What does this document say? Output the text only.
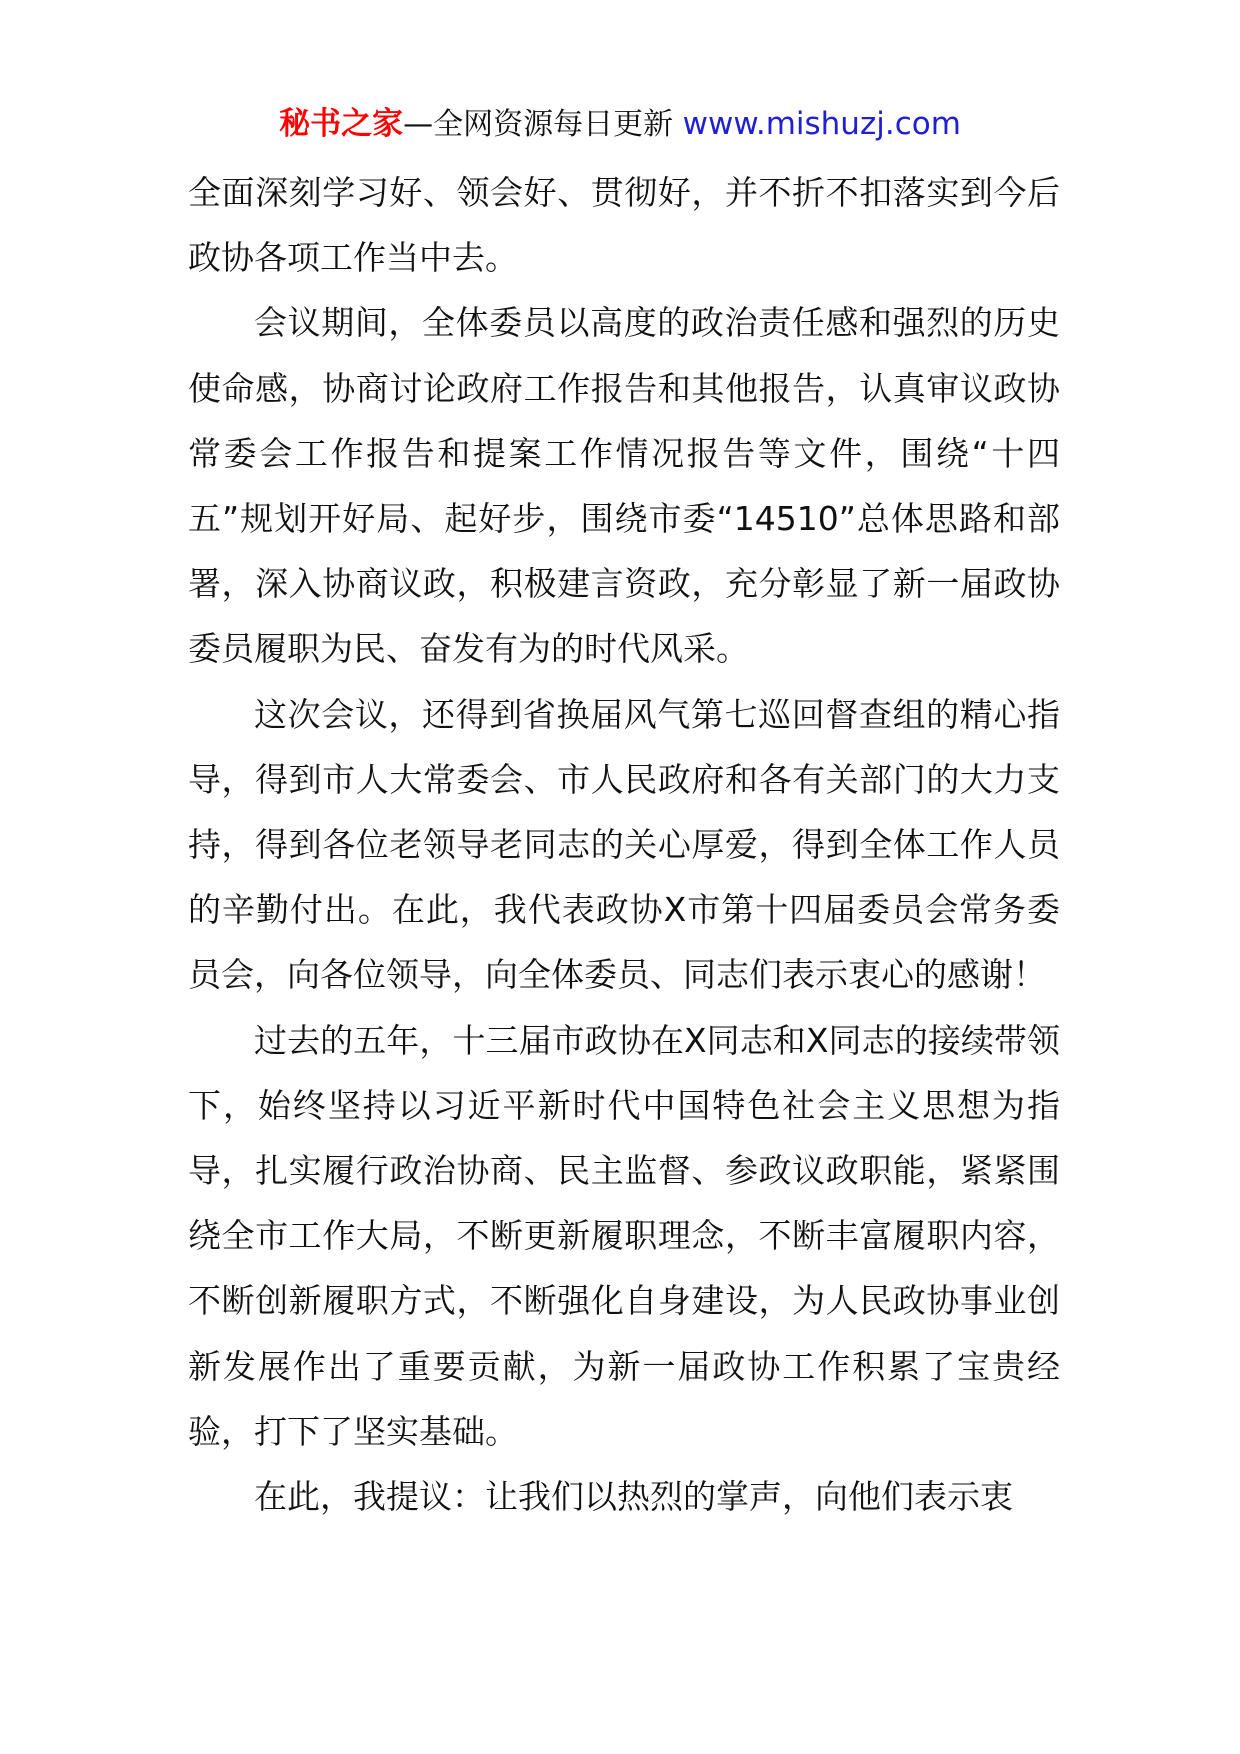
秘书之家—全网资源每日更新 www.mishuzj.com

全面深刻学习好、领会好、贯彻好，并不折不扣落实到今后政协各项工作当中去。

会议期间，全体委员以高度的政治责任感和强烈的历史使命感，协商讨论政府工作报告和其他报告，认真审议政协常委会工作报告和提案工作情况报告等文件，围绕“十四五”规划开好局、起好步，围绕市委“14510”总体思路和部署，深入协商议政，积极建言资政，充分彰显了新一届政协委员履职为民、奋发有为的时代风采。

这次会议，还得到省换届风气第七巡回督查组的精心指导，得到市人大常委会、市人民政府和各有关部门的大力支持，得到各位老领导老同志的关心厚爱，得到全体工作人员的辛勤付出。在此，我代表政协X市第十四届委员会常务委员会，向各位领导，向全体委员、同志们表示衷心的感谢！

过去的五年，十三届市政协在X同志和X同志的接续带领下，始终坚持以习近平新时代中国特色社会主义思想为指导，扎实履行政治协商、民主监督、参政议政职能，紧紧围绕全市工作大局，不断更新履职理念，不断丰富履职内容，不断创新履职方式，不断强化自身建设，为人民政协事业创新发展作出了重要贡献，为新一届政协工作积累了宝贵经验，打下了坚实基础。

在此，我提议：让我们以热烈的掌声，向他们表示衷
